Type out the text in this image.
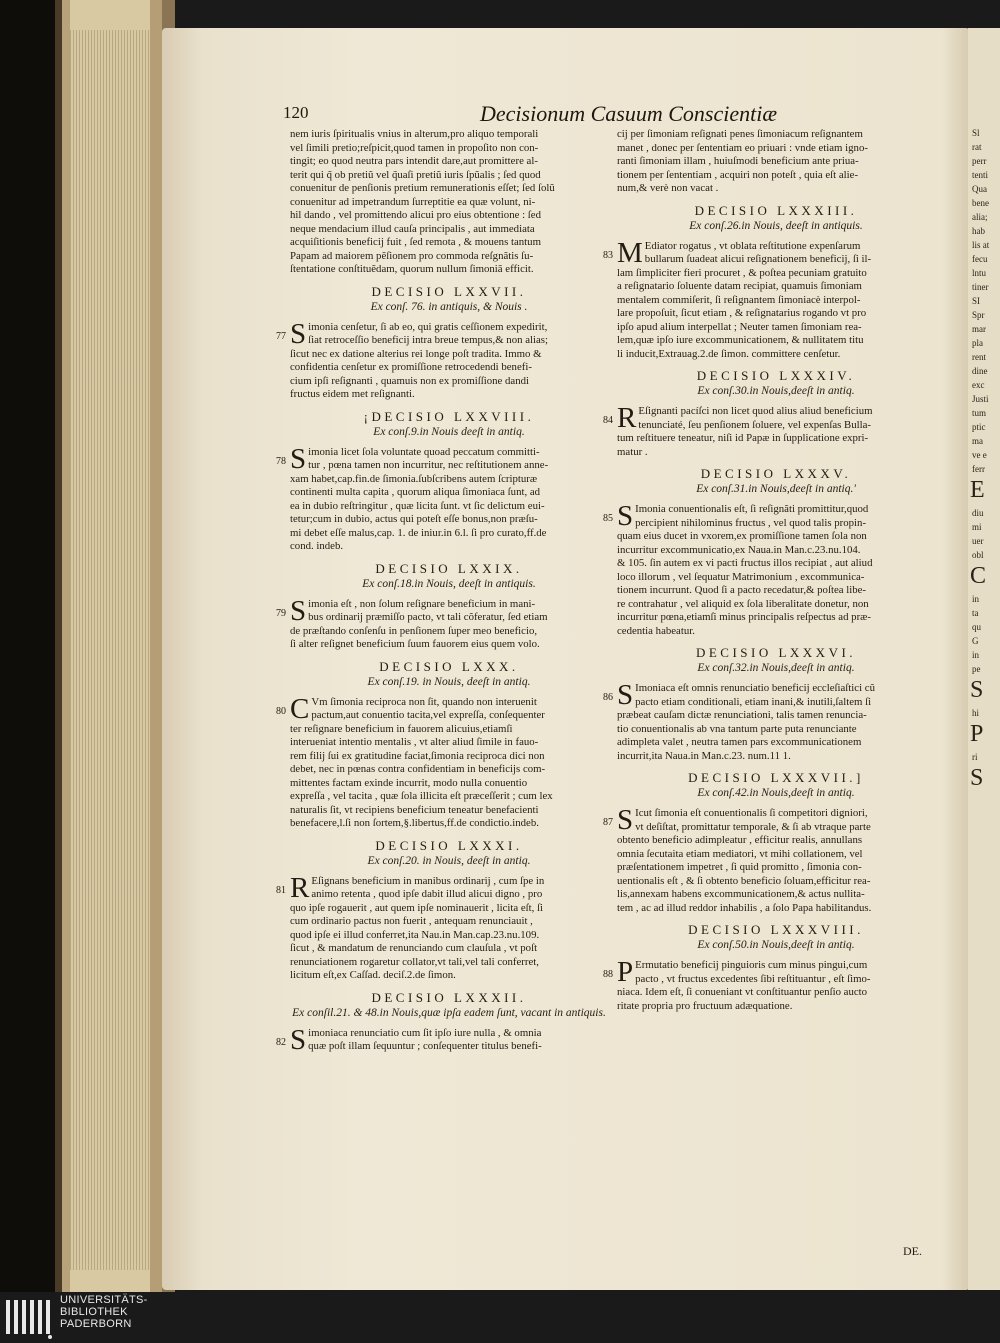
Sl
rat
perr
tenti
Qua
bene
alia;
hab
lis at
fecu
lntu
tiner
SI
Spr
mar
pla
rent
dine
exc
Justi
tum
ptic
ma
ve e
ferr
E
diu
mi
uer
obl
C
in
ta
qu
G
in
pe
S
hi
P
ri
S
120	Decisionum Casuum Conscientiæ
nem iuris ſpiritualis vnius in alterum,pro aliquo temporali
vel ſimili pretio;reſpicit,quod tamen in propoſito non con-
tingit; eo quod neutra pars intendit dare,aut promittere al-
terit qui q̃ ob pretiũ vel q̃uaſi pretiũ iuris ſpũalis ; ſed quod
conuenitur de penſionis pretium remunerationis eſſet; ſed ſolũ
conuenitur ad impetrandum ſurreptitie ea quæ volunt, ni-
hil dando , vel promittendo alicui pro eius obtentione : ſed
neque mendacium illud cauſa principalis , aut immediata
acquiſitionis beneficij fuit , ſed remota , & mouens tantum
Papam ad maiorem pẽſionem pro commoda reſgnãtis ſu-
ſtentatione conſtituẽdam, quorum nullum ſimoniã efficit.
DECISIO LXXVII.
Ex conſ. 76. in antiquis, & Nouis .
77 S imonia cenſetur, ſi ab eo, qui gratis ceſſionem expedirit,
ſiat retroceſſio beneficij intra breue tempus,& non alias;
ſicut nec ex datione alterius rei longe poſt tradita. Immo &
confidentia cenſetur ex promiſſione retrocedendi benefi-
cium ipſi reſignanti , quamuis non ex promiſſione dandi
fructus eidem met reſignanti.
¡DECISIO LXXVIII.
Ex conſ.9.in Nouis deeſt in antiq.
78 S imonia licet ſola voluntate quoad peccatum committi-
tur , pœna tamen non incurritur, nec reſtitutionem anne-
xam habet,cap.fin.de ſimonia.ſubſcribens autem ſcripturæ
continenti multa capita , quorum aliqua ſimoniaca ſunt, ad
ea in dubio reſtringitur , quæ licita ſunt. vt ſic delictum eui-
tetur;cum in dubio, actus qui poteſt eſſe bonus,non præſu-
mi debet eſſe malus,cap. 1. de iniur.in 6.l. ſi pro curato,ff.de
cond. indeb.
DECISIO LXXIX.
Ex conſ.18.in Nouis, deeſt in antiquis.
79 S imonia eſt , non ſolum reſignare beneficium in mani-
bus ordinarij præmiſſo pacto, vt tali cõferatur, ſed etiam
de præſtando conſenſu in penſionem ſuper meo beneficio,
ſi alter reſignet beneficium ſuum fauorem eius quem volo.
DECISIO LXXX.
Ex conſ.19. in Nouis, deeſt in antiq.
80 C Vm ſimonia reciproca non ſit, quando non interuenit
pactum,aut conuentio tacita,vel expreſſa, conſequenter
ter reſignare beneficium in fauorem alicuius,etiamſi
interueniat intentio mentalis , vt alter aliud ſimile in fauo-
rem filij ſui ex gratitudine faciat,ſimonia reciproca dici non
debet, nec in pœnas contra confidentiam in beneficijs com-
mittentes factam exinde incurrit, modo nulla conuentio
expreſſa , vel tacita , quæ ſola illicita eſt præceſſerit ; cum lex
naturalis ſit, vt recipiens beneficium teneatur benefacienti
benefacere,l.ſi non ſortem,§.libertus,ff.de condictio.indeb.
DECISIO LXXXI.
Ex conſ.20. in Nouis, deeſt in antiq.
81 R Eſignans beneficium in manibus ordinarij , cum ſpe in
animo retenta , quod ipſe dabit illud alicui digno , pro
quo ipſe rogauerit , aut quem ipſe nominauerit , licita eſt, ſi
cum ordinario pactus non fuerit , antequam renunciauit ,
quod ipſe ei illud conferret,ita Nau.in Man.cap.23.nu.109.
ſicut , & mandatum de renunciando cum clauſula , vt poſt
renunciationem rogaretur collator,vt tali,vel tali conferret,
licitum eſt,ex Caſſad. deciſ.2.de ſimon.
DECISIO LXXXII.
Ex conſil.21. & 48.in Nouis,quæ ipſa eadem ſunt, vacant in antiquis.
82 S imoniaca renunciatio cum ſit ipſo iure nulla , & omnia
quæ poſt illam ſequuntur ; conſequenter titulus benefi-
cij per ſimoniam reſignati penes ſimoniacum reſignantem
manet , donec per ſententiam eo priuari : vnde etiam igno-
ranti ſimoniam illam , huiuſmodi beneficium ante priua-
tionem per ſententiam , acquiri non poteſt , quia eſt alie-
num,& verè non vacat .
DECISIO LXXXIII.
Ex conſ.26.in Nouis, deeſt in antiquis.
83 M Ediator rogatus , vt oblata reſtitutione expenſarum
bullarum ſuadeat alicui reſignationem beneficij, ſi il-
lam ſimpliciter fieri procuret , & poſtea pecuniam gratuito
a reſignatario ſoluente datam recipiat, quamuis ſimoniam
mentalem commiſerit, ſi reſignantem ſimoniacè interpol-
lare propoſuit, ſicut etiam , & reſignatarius rogando vt pro
ipſo apud alium interpellat ; Neuter tamen ſimoniam rea-
lem,quæ ipſo iure excommunicationem, & nullitatem titu
li inducit,Extrauag.2.de ſimon. committere cenſetur.
DECISIO LXXXIV.
Ex conſ.30.in Nouis,deeſt in antiq.
84 R Eſignanti pacíſci non licet quod alius aliud beneficium
tenunciaté, ſeu penſionem ſoluere, vel expenſas Bulla-
tum reſtituere teneatur, niſi id Papæ in ſupplicatione expri-
matur .
DECISIO LXXXV.
Ex conſ.31.in Nouis,deeſt in antiq.'
85 S Imonia conuentionalis eſt, ſi reſignãti promittitur,quod
percipient nihilominus fructus , vel quod talis propin-
quam eius ducet in vxorem,ex promiſſione tamen ſola non
incurritur excommunicatio,ex Naua.in Man.c.23.nu.104.
& 105. ſin autem ex vi pacti fructus illos recipiat , aut aliud
loco illorum , vel ſequatur Matrimonium , excommunica-
tionem incurrunt. Quod ſi a pacto recedatur,& poſtea libe-
re contrahatur , vel aliquid ex ſola liberalitate donetur, non
incurritur pœna,etiamſi minus principalis reſpectus ad præ-
cedentia habeatur.
DECISIO LXXXVI.
Ex conſ.32.in Nouis,deeſt in antiq.
86 S Imoniaca eſt omnis renunciatio beneficij eccleſiaſtici cũ
pacto etiam conditionali, etiam inani,& inutili,ſaltem ſi
præbeat cauſam dictæ renunciationi, talis tamen renuncia-
tio conuentionalis ab vna tantum parte puta renunciante
adimpleta valet , neutra tamen pars excommunicationem
incurrit,ita Naua.in Man.c.23. num.11 1.
DECISIO LXXXVII.]
Ex conſ.42.in Nouis,deeſt in antiq.
87 S Icut ſimonia eſt conuentionalis ſi competitori digniori,
vt deſiſtat, promittatur temporale, & ſi ab vtraque parte
obtento beneficio adimpleatur , efficitur realis, annullans
omnia ſecutaita etiam mediatori, vt mihi collationem, vel
præſentationem impetret , ſi quid promitto , ſimonia con-
uentionalis eſt , & ſi obtento beneficio ſoluam,efficitur rea-
lis,annexam habens excommunicationem,& actus nullita-
tem , ac ad illud reddor inhabilis , a ſolo Papa habilitandus.
DECISIO LXXXVIII.
Ex conſ.50.in Nouis,deeſt in antiq.
88 P Ermutatio beneficij pinguioris cum minus pingui,cum
pacto , vt fructus excedentes ſibi reſtituantur , eſt ſimo-
niaca. Idem eſt, ſi conueniant vt conſtituantur penſio aucto
ritate propria pro fructuum adæquatione.
DE.
UNIVERSITÄTS-
BIBLIOTHEK
PADERBORN
